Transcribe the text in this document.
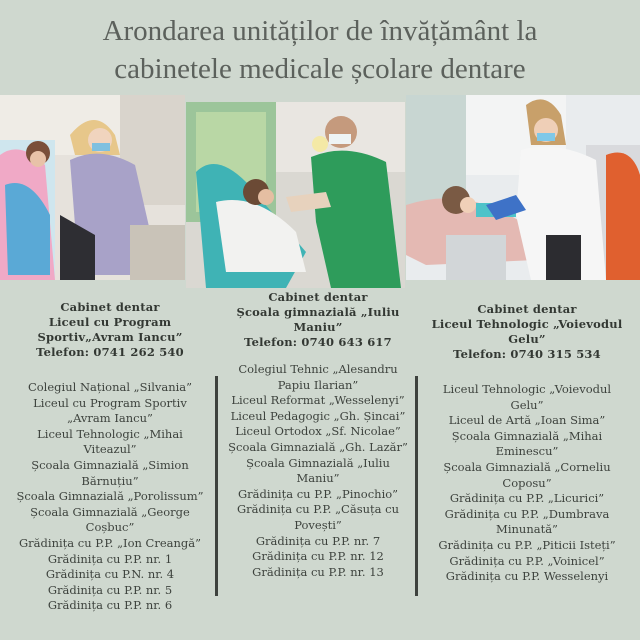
Arondarea unităților de învățământ la
cabinetele medicale școlare dentare
Cabinet dentar
Liceul cu Program
Sportiv„Avram Iancu”
Telefon: 0741 262 540
Colegiul Național „Silvania”
Liceul cu Program Sportiv
„Avram Iancu”
Liceul Tehnologic „Mihai
Viteazul”
Școala Gimnazială „Simion
Bărnuțiu”
Școala Gimnazială „Porolissum”
Școala Gimnazială „George
Coșbuc”
Grădinița cu P.P. „Ion Creangă”
Grădinița cu P.P. nr. 1
Grădinița cu P.N. nr. 4
Grădinița cu P.P. nr. 5
Grădinița cu P.P. nr. 6
Cabinet dentar
Școala gimnazială „Iuliu
Maniu”
Telefon: 0740 643 617
Colegiul Tehnic „Alesandru
Papiu Ilarian”
Liceul Reformat „Wesselenyi”
Liceul Pedagogic „Gh. Șincai”
Liceul Ortodox „Sf. Nicolae”
Școala Gimnazială „Gh. Lazăr”
Școala Gimnazială „Iuliu
Maniu”
Grădinița cu P.P. „Pinochio”
Grădinița cu P.P. „Căsuța cu
Povești”
Grădinița cu P.P. nr. 7
Grădinița cu P.P. nr. 12
Grădinița cu P.P. nr. 13
Cabinet dentar
Liceul Tehnologic „Voievodul
Gelu”
Telefon: 0740 315 534
Liceul Tehnologic „Voievodul
Gelu”
Liceul de Artă „Ioan Sima”
Școala Gimnazială „Mihai
Eminescu”
Școala Gimnazială „Corneliu
Coposu”
Grădinița cu P.P. „Licurici”
Grădinița cu P.P. „Dumbrava
Minunată”
Grădinița cu P.P. „Piticii Isteți”
Grădinița cu P.P. „Voinicel”
Grădinița cu P.P. Wesselenyi
